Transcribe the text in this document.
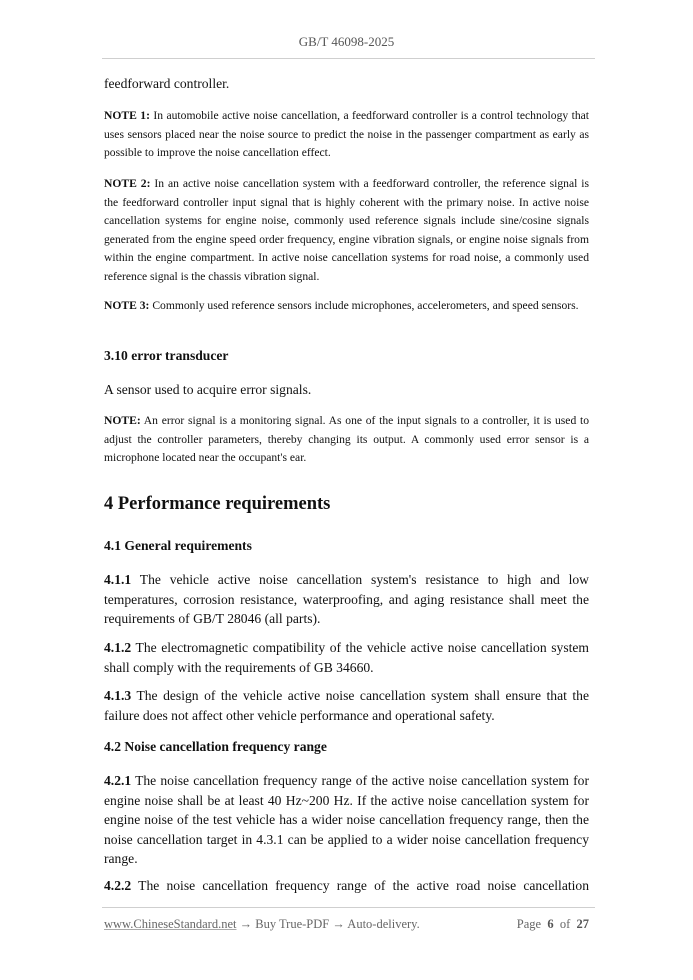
GB/T 46098-2025
feedforward controller.
NOTE 1: In automobile active noise cancellation, a feedforward controller is a control technology that uses sensors placed near the noise source to predict the noise in the passenger compartment as early as possible to improve the noise cancellation effect.
NOTE 2: In an active noise cancellation system with a feedforward controller, the reference signal is the feedforward controller input signal that is highly coherent with the primary noise. In active noise cancellation systems for engine noise, commonly used reference signals include sine/cosine signals generated from the engine speed order frequency, engine vibration signals, or engine noise signals from within the engine compartment. In active noise cancellation systems for road noise, a commonly used reference signal is the chassis vibration signal.
NOTE 3: Commonly used reference sensors include microphones, accelerometers, and speed sensors.
3.10 error transducer
A sensor used to acquire error signals.
NOTE: An error signal is a monitoring signal. As one of the input signals to a controller, it is used to adjust the controller parameters, thereby changing its output. A commonly used error sensor is a microphone located near the occupant's ear.
4 Performance requirements
4.1 General requirements
4.1.1 The vehicle active noise cancellation system's resistance to high and low temperatures, corrosion resistance, waterproofing, and aging resistance shall meet the requirements of GB/T 28046 (all parts).
4.1.2 The electromagnetic compatibility of the vehicle active noise cancellation system shall comply with the requirements of GB 34660.
4.1.3 The design of the vehicle active noise cancellation system shall ensure that the failure does not affect other vehicle performance and operational safety.
4.2 Noise cancellation frequency range
4.2.1 The noise cancellation frequency range of the active noise cancellation system for engine noise shall be at least 40 Hz~200 Hz. If the active noise cancellation system for engine noise of the test vehicle has a wider noise cancellation frequency range, then the noise cancellation target in 4.3.1 can be applied to a wider noise cancellation frequency range.
4.2.2 The noise cancellation frequency range of the active road noise cancellation
www.ChineseStandard.net → Buy True-PDF → Auto-delivery.	Page 6 of 27
